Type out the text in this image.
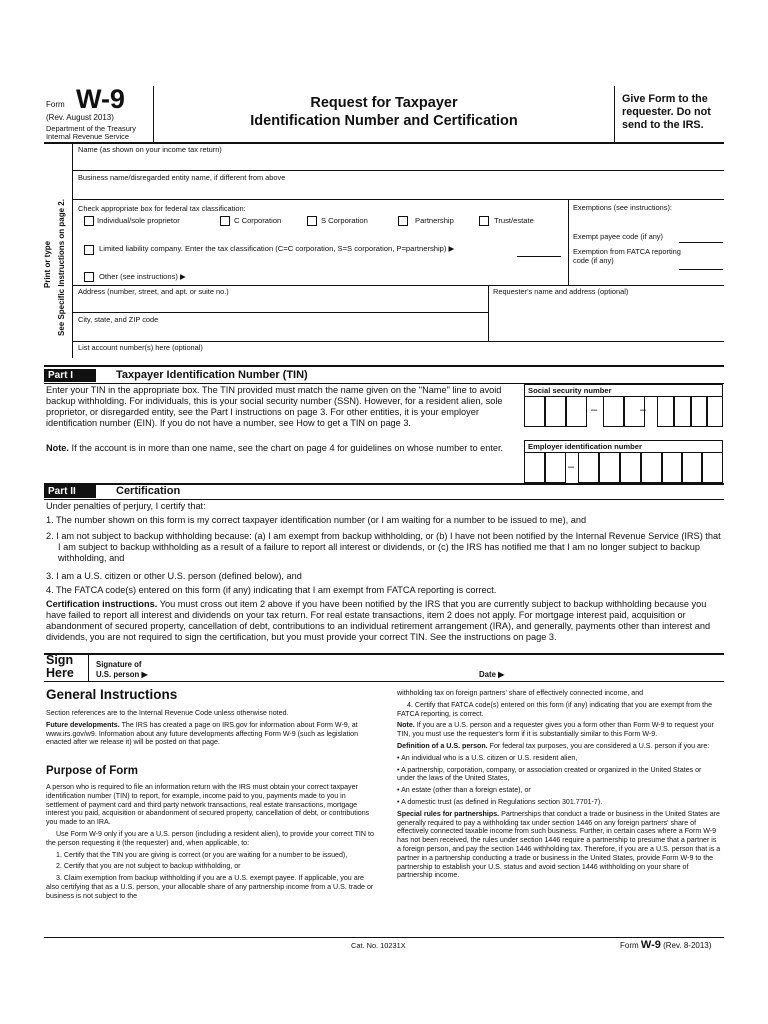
Form W-9
(Rev. August 2013)
Department of the Treasury
Internal Revenue Service
Request for Taxpayer
Identification Number and Certification
Give Form to the requester. Do not send to the IRS.
Print or type See Specific Instructions on page 2.
Name (as shown on your income tax return)
Business name/disregarded entity name, if different from above
Check appropriate box for federal tax classification:
Individual/sole proprietor	C Corporation	S Corporation	Partnership	Trust/estate
Limited liability company. Enter the tax classification (C=C corporation, S=S corporation, P=partnership) ▶
Other (see instructions) ▶
Exemptions (see instructions):
Exempt payee code (if any)
Exemption from FATCA reporting
code (if any)
Address (number, street, and apt. or suite no.)	Requester's name and address (optional)
City, state, and ZIP code
List account number(s) here (optional)
Part I	Taxpayer Identification Number (TIN)
Enter your TIN in the appropriate box. The TIN provided must match the name given on the "Name" line to avoid backup withholding. For individuals, this is your social security number (SSN). However, for a resident alien, sole proprietor, or disregarded entity, see the Part I instructions on page 3. For other entities, it is your employer identification number (EIN). If you do not have a number, see How to get a TIN on page 3.
Note. If the account is in more than one name, see the chart on page 4 for guidelines on whose number to enter.
Social security number
–	–
Employer identification number
–
Part II	Certification
Under penalties of perjury, I certify that:
1. The number shown on this form is my correct taxpayer identification number (or I am waiting for a number to be issued to me), and
2. I am not subject to backup withholding because: (a) I am exempt from backup withholding, or (b) I have not been notified by the Internal Revenue Service (IRS) that I am subject to backup withholding as a result of a failure to report all interest or dividends, or (c) the IRS has notified me that I am no longer subject to backup withholding, and
3. I am a U.S. citizen or other U.S. person (defined below), and
4. The FATCA code(s) entered on this form (if any) indicating that I am exempt from FATCA reporting is correct.
Certification instructions. You must cross out item 2 above if you have been notified by the IRS that you are currently subject to backup withholding because you have failed to report all interest and dividends on your tax return. For real estate transactions, item 2 does not apply. For mortgage interest paid, acquisition or abandonment of secured property, cancellation of debt, contributions to an individual retirement arrangement (IRA), and generally, payments other than interest and dividends, you are not required to sign the certification, but you must provide your correct TIN. See the instructions on page 3.
Sign
Here
Signature of
U.S. person ▶	Date ▶
General Instructions

Section references are to the Internal Revenue Code unless otherwise noted.

Future developments. The IRS has created a page on IRS.gov for information about Form W-9, at www.irs.gov/w9. Information about any future developments affecting Form W-9 (such as legislation enacted after we release it) will be posted on that page.

Purpose of Form

A person who is required to file an information return with the IRS must obtain your correct taxpayer identification number (TIN) to report, for example, income paid to you, payments made to you in settlement of payment card and third party network transactions, real estate transactions, mortgage interest you paid, acquisition or abandonment of secured property, cancellation of debt, or contributions you made to an IRA.

Use Form W-9 only if you are a U.S. person (including a resident alien), to provide your correct TIN to the person requesting it (the requester) and, when applicable, to:

1. Certify that the TIN you are giving is correct (or you are waiting for a number to be issued),

2. Certify that you are not subject to backup withholding, or

3. Claim exemption from backup withholding if you are a U.S. exempt payee. If applicable, you are also certifying that as a U.S. person, your allocable share of any partnership income from a U.S. trade or business is not subject to the

withholding tax on foreign partners' share of effectively connected income, and

4. Certify that FATCA code(s) entered on this form (if any) indicating that you are exempt from the FATCA reporting, is correct.

Note. If you are a U.S. person and a requester gives you a form other than Form W-9 to request your TIN, you must use the requester's form if it is substantially similar to this Form W-9.

Definition of a U.S. person. For federal tax purposes, you are considered a U.S. person if you are:

• An individual who is a U.S. citizen or U.S. resident alien,

• A partnership, corporation, company, or association created or organized in the United States or under the laws of the United States,

• An estate (other than a foreign estate), or

• A domestic trust (as defined in Regulations section 301.7701-7).

Special rules for partnerships. Partnerships that conduct a trade or business in the United States are generally required to pay a withholding tax under section 1446 on any foreign partners' share of effectively connected taxable income from such business. Further, in certain cases where a Form W-9 has not been received, the rules under section 1446 require a partnership to presume that a partner is a foreign person, and pay the section 1446 withholding tax. Therefore, if you are a U.S. person that is a partner in a partnership conducting a trade or business in the United States, provide Form W-9 to the partnership to establish your U.S. status and avoid section 1446 withholding on your share of partnership income.

Cat. No. 10231X	Form W-9 (Rev. 8-2013)
